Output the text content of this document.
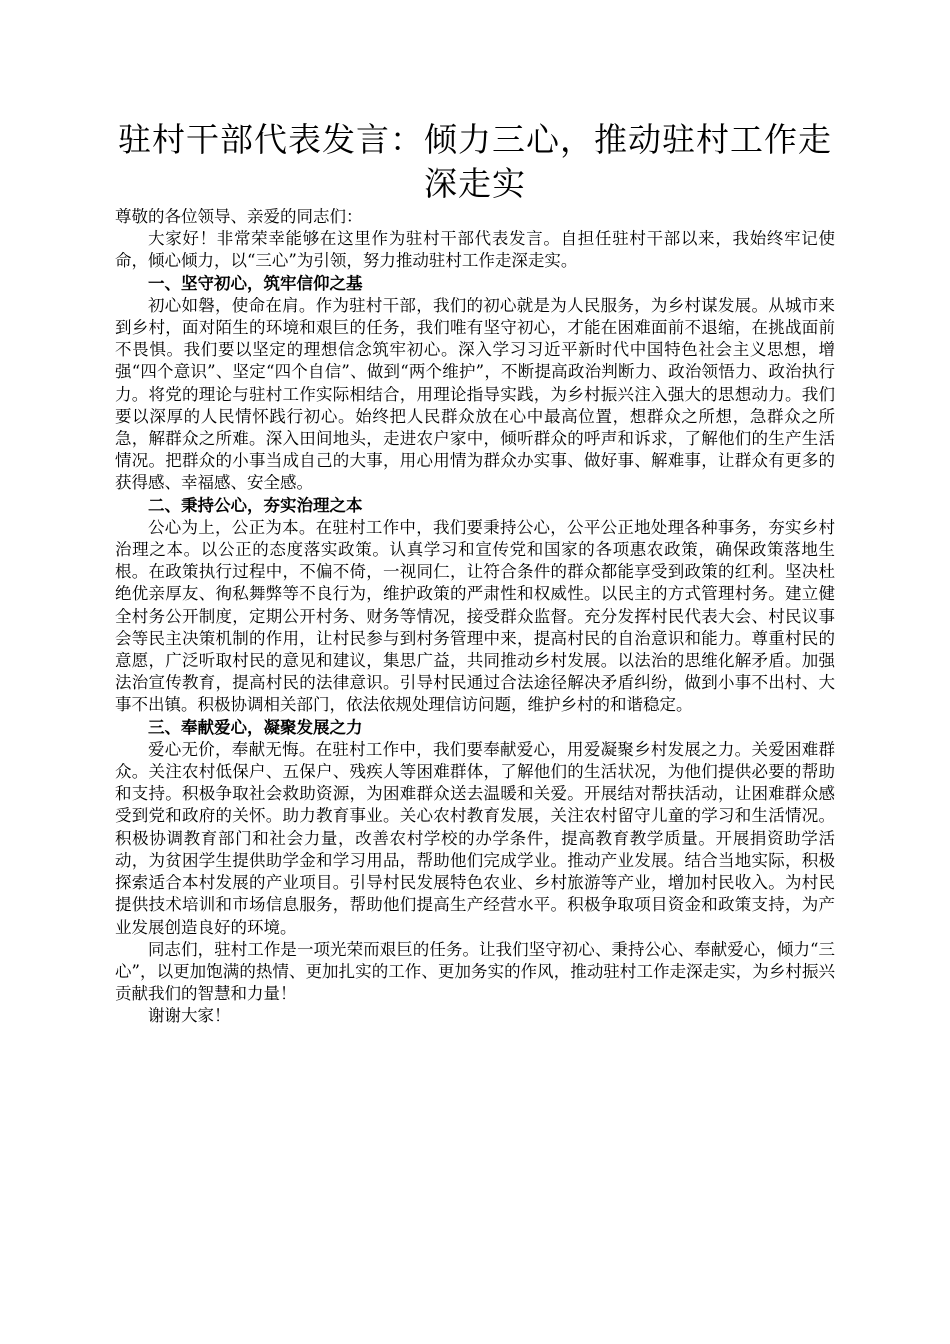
驻村干部代表发言：倾力三心，推动驻村工作走深走实

尊敬的各位领导、亲爱的同志们：

大家好！非常荣幸能够在这里作为驻村干部代表发言。自担任驻村干部以来，我始终牢记使命，倾心倾力，以“三心”为引领，努力推动驻村工作走深走实。

一、坚守初心，筑牢信仰之基

初心如磐，使命在肩。作为驻村干部，我们的初心就是为人民服务，为乡村谋发展。从城市来到乡村，面对陌生的环境和艰巨的任务，我们唯有坚守初心，才能在困难面前不退缩，在挑战面前不畏惧。我们要以坚定的理想信念筑牢初心。深入学习习近平新时代中国特色社会主义思想，增强“四个意识”、坚定“四个自信”、做到“两个维护”，不断提高政治判断力、政治领悟力、政治执行力。将党的理论与驻村工作实际相结合，用理论指导实践，为乡村振兴注入强大的思想动力。我们要以深厚的人民情怀践行初心。始终把人民群众放在心中最高位置，想群众之所想，急群众之所急，解群众之所难。深入田间地头，走进农户家中，倾听群众的呼声和诉求，了解他们的生产生活情况。把群众的小事当成自己的大事，用心用情为群众办实事、做好事、解难事，让群众有更多的获得感、幸福感、安全感。

二、秉持公心，夯实治理之本

公心为上，公正为本。在驻村工作中，我们要秉持公心，公平公正地处理各种事务，夯实乡村治理之本。以公正的态度落实政策。认真学习和宣传党和国家的各项惠农政策，确保政策落地生根。在政策执行过程中，不偏不倚，一视同仁，让符合条件的群众都能享受到政策的红利。坚决杜绝优亲厚友、徇私舞弊等不良行为，维护政策的严肃性和权威性。以民主的方式管理村务。建立健全村务公开制度，定期公开村务、财务等情况，接受群众监督。充分发挥村民代表大会、村民议事会等民主决策机制的作用，让村民参与到村务管理中来，提高村民的自治意识和能力。尊重村民的意愿，广泛听取村民的意见和建议，集思广益，共同推动乡村发展。以法治的思维化解矛盾。加强法治宣传教育，提高村民的法律意识。引导村民通过合法途径解决矛盾纠纷，做到小事不出村、大事不出镇。积极协调相关部门，依法依规处理信访问题，维护乡村的和谐稳定。

三、奉献爱心，凝聚发展之力

爱心无价，奉献无悔。在驻村工作中，我们要奉献爱心，用爱凝聚乡村发展之力。关爱困难群众。关注农村低保户、五保户、残疾人等困难群体，了解他们的生活状况，为他们提供必要的帮助和支持。积极争取社会救助资源，为困难群众送去温暖和关爱。开展结对帮扶活动，让困难群众感受到党和政府的关怀。助力教育事业。关心农村教育发展，关注农村留守儿童的学习和生活情况。积极协调教育部门和社会力量，改善农村学校的办学条件，提高教育教学质量。开展捐资助学活动，为贫困学生提供助学金和学习用品，帮助他们完成学业。推动产业发展。结合当地实际，积极探索适合本村发展的产业项目。引导村民发展特色农业、乡村旅游等产业，增加村民收入。为村民提供技术培训和市场信息服务，帮助他们提高生产经营水平。积极争取项目资金和政策支持，为产业发展创造良好的环境。

同志们，驻村工作是一项光荣而艰巨的任务。让我们坚守初心、秉持公心、奉献爱心，倾力“三心”，以更加饱满的热情、更加扎实的工作、更加务实的作风，推动驻村工作走深走实，为乡村振兴贡献我们的智慧和力量！

谢谢大家！
